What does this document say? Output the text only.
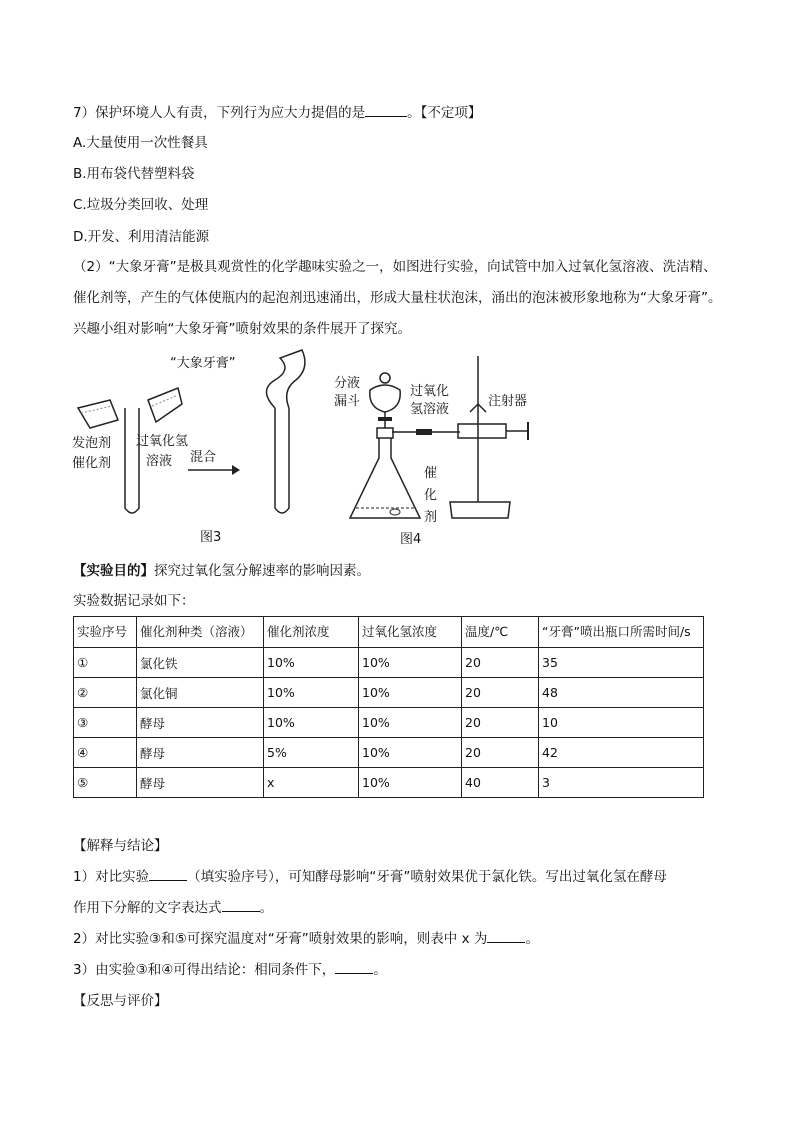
7）保护环境人人有责，下列行为应大力提倡的是	。【不定项】
A.大量使用一次性餐具
B.用布袋代替塑料袋
C.垃圾分类回收、处理
D.开发、利用清洁能源
（2）“大象牙膏”是极具观赏性的化学趣味实验之一，如图进行实验，向试管中加入过氧化氢溶液、洗洁精、催化剂等，产生的气体使瓶内的起泡剂迅速涌出，形成大量柱状泡沫，涌出的泡沫被形象地称为“大象牙膏”。兴趣小组对影响“大象牙膏”喷射效果的条件展开了探究。
“大象牙膏”
发泡剂
催化剂
过氧化氢
溶液 混合
图3
分液
漏斗
过氧化
氢溶液
注射器
催
化
剂
图4
【实验目的】探究过氧化氢分解速率的影响因素。
实验数据记录如下：
实验序号	催化剂种类（溶液）	催化剂浓度	过氧化氢浓度	温度/℃	“牙膏”喷出瓶口所需时间/s
①	氯化铁	10%	10%	20	35
②	氯化铜	10%	10%	20	48
③	酵母	10%	10%	20	10
④	酵母	5%	10%	20	42
⑤	酵母	x	10%	40	3
【解释与结论】
1）对比实验	（填实验序号），可知酵母影响“牙膏”喷射效果优于氯化铁。写出过氧化氢在酵母
作用下分解的文字表达式	。
2）对比实验③和⑤可探究温度对“牙膏”喷射效果的影响，则表中 x 为	。
3）由实验③和④可得出结论：相同条件下，	。
【反思与评价】
